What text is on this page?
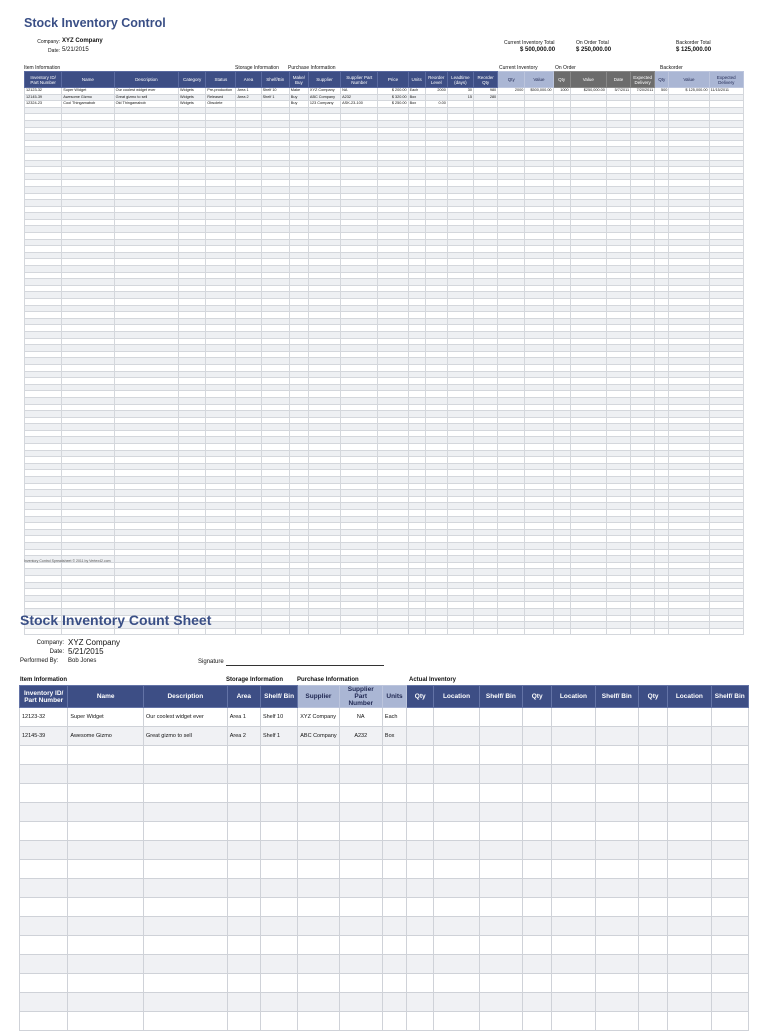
Stock Inventory Control
Company: XYZ Company
Date: 5/21/2015
Current Inventory Total
$ 500,000.00
On Order Total
$ 250,000.00
Backorder Total
$ 125,000.00
Item Information	Storage Information Purchase Information	Current Inventory	On Order	Backorder
Inventory ID/ Part Number	Name	Description	Category	Status	Area	Shelf/Bin	Make/ Buy	Supplier	Supplier Part Number	Price	Units	Reorder Level	Leadtime (days)	Reorder Qty	Qty	Value	Qty	Value	Date	Expected Delivery	Qty	Value	Expected Delivery
12123-32	Super Widget	Our coolest widget ever	Widgets	Pre-production	Area 1	Shelf 10	Make	XYZ Company	NA	$ 200.00	Each	2000	30	980	2000	$500,000.00	1000	$250,000.00	5/7/2011	7/20/2011	500	$ 125,000.00	11/15/2011
12145-39	Awesome Gizmo	Great gizmo to sell	Widgets	Released	Area 2	Shelf 1	Buy	ABC Company	A232	$ 320.00	Box		15	280									
12324-23	Cool Thingamabob	Old Thingamabob	Widgets	Obsolete			Buy	123 Company	ASK-23-100	$ 250.00	Box	0.00											

Inventory Control Spreadsheet © 2011 by Vertex42.com
Stock Inventory Count Sheet
Company: XYZ Company
Date: 5/21/2015
Performed By: Bob Jones	Signature
Item Information	Storage Information Purchase Information	Actual Inventory
Inventory ID/ Part Number	Name	Description	Area	Shelf/ Bin	Supplier	Supplier Part Number	Units	Qty	Location	Shelf/ Bin	Qty	Location	Shelf/ Bin	Qty	Location	Shelf/ Bin
12123-32	Super Widget	Our coolest widget ever	Area 1	Shelf 10	XYZ Company	NA	Each									
12145-39	Awesome Gizmo	Great gizmo to sell	Area 2	Shelf 1	ABC Company	A232	Box									
